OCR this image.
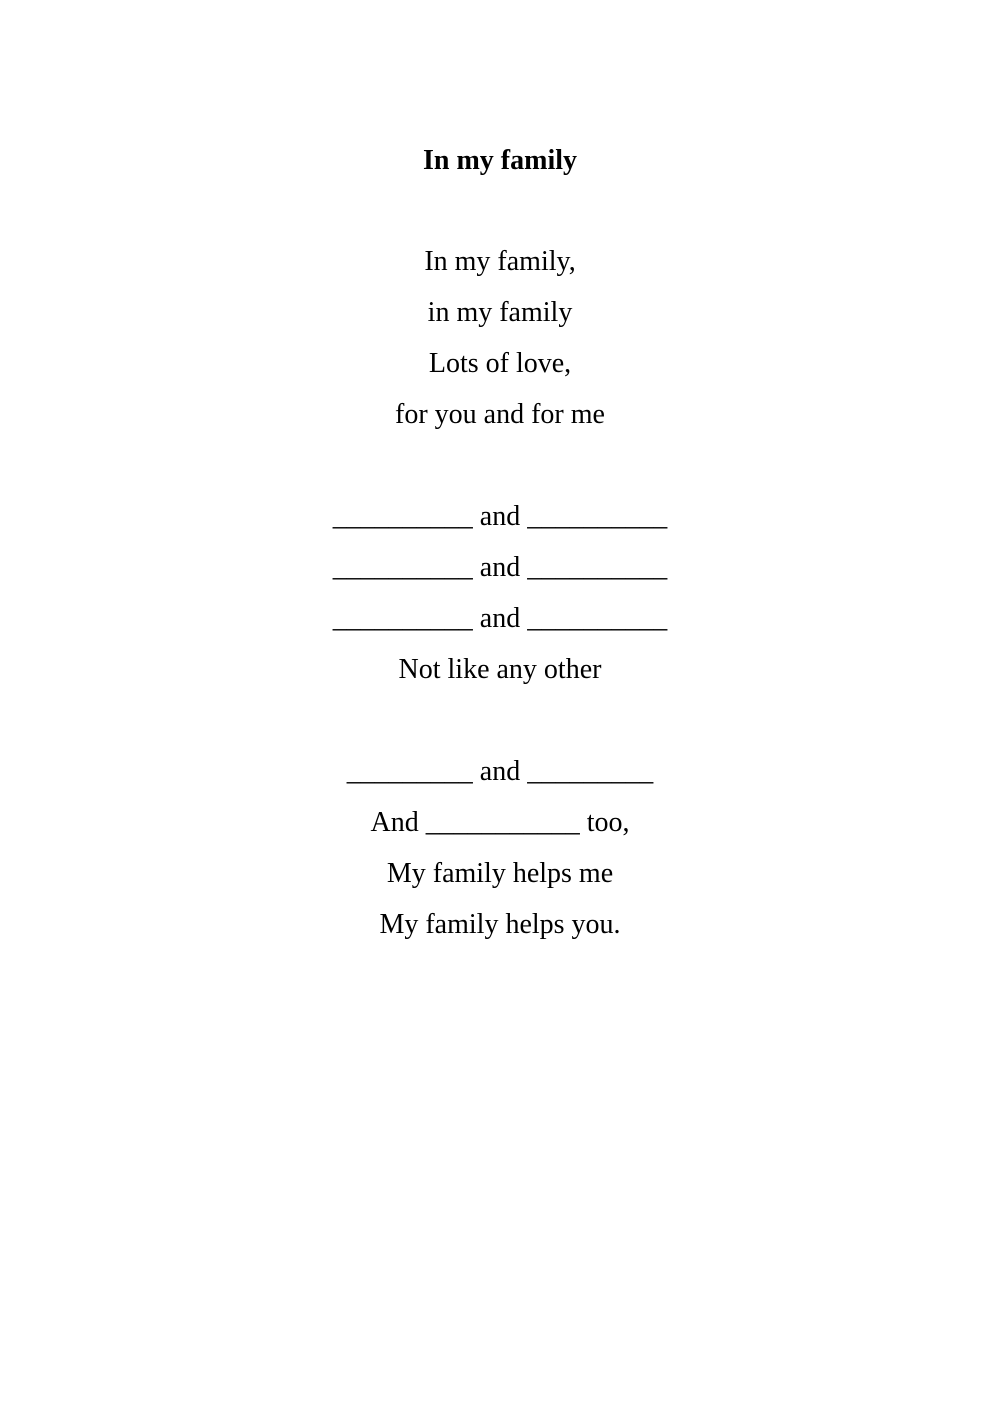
In my family
In my family,
in my family
Lots of love,
for you and for me
__________ and __________
__________ and __________
__________ and __________
Not like any other
_________ and _________
And ___________ too,
My family helps me
My family helps you.
